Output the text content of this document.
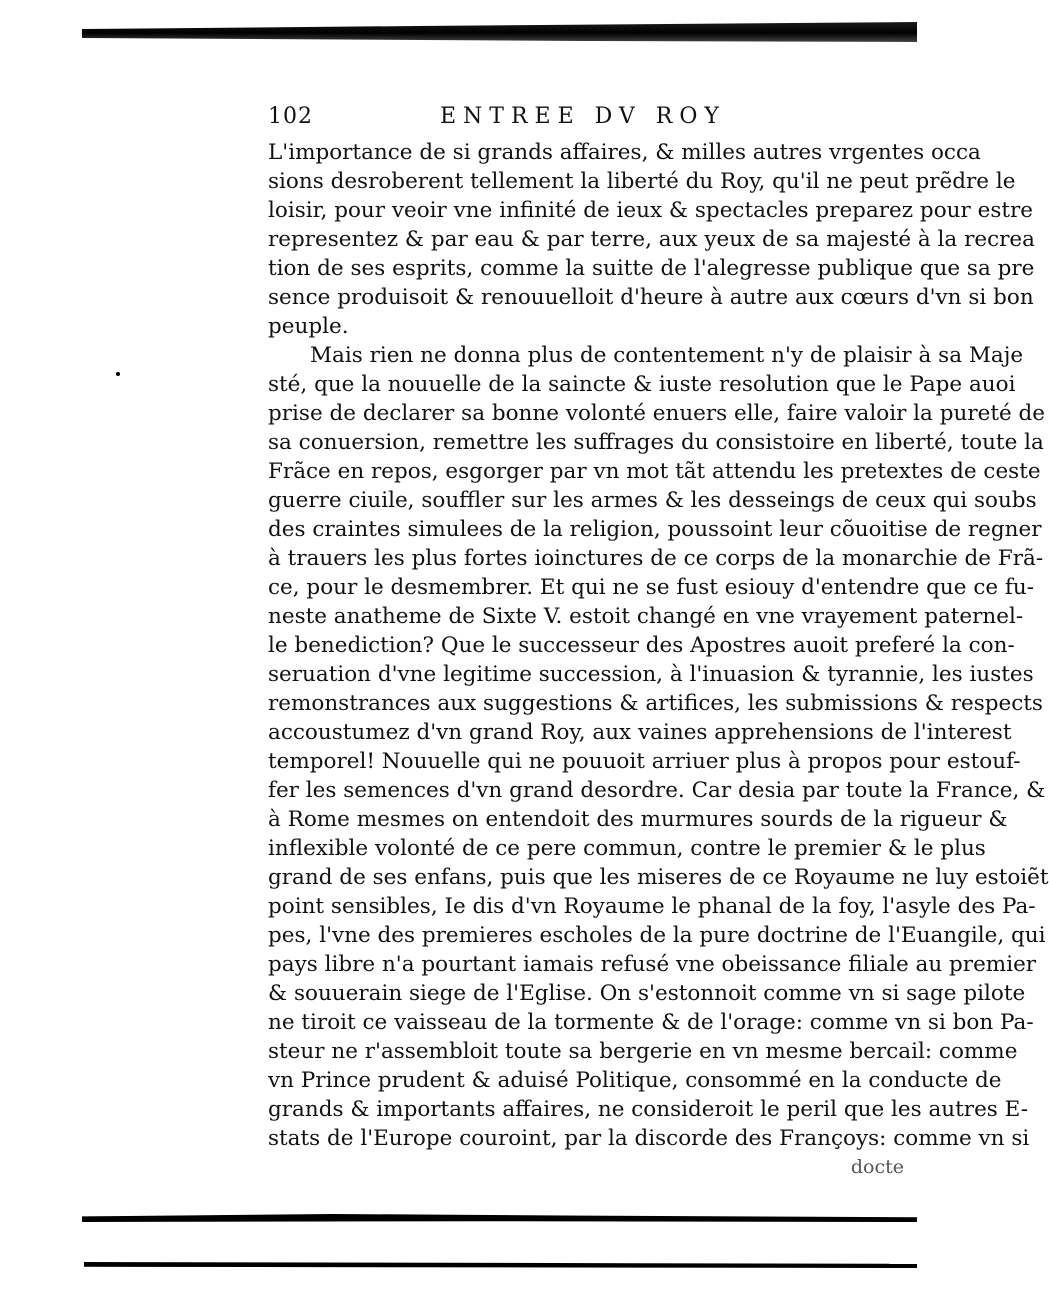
102	ENTREE DV ROY
L'importance de si grands affaires, & milles autres vrgentes occa
sions desroberent tellement la liberté du Roy, qu'il ne peut prẽdre le
loisir, pour veoir vne infinité de ieux & spectacles preparez pour estre
representez & par eau & par terre, aux yeux de sa majesté à la recrea
tion de ses esprits, comme la suitte de l'alegresse publique que sa pre
sence produisoit & renouuelloit d'heure à autre aux cœurs d'vn si bon
peuple.
Mais rien ne donna plus de contentement n'y de plaisir à sa Maje
sté, que la nouuelle de la saincte & iuste resolution que le Pape auoi
prise de declarer sa bonne volonté enuers elle, faire valoir la pureté de
sa conuersion, remettre les suffrages du consistoire en liberté, toute la
Frãce en repos, esgorger par vn mot tãt attendu les pretextes de ceste
guerre ciuile, souffler sur les armes & les desseings de ceux qui soubs
des craintes simulees de la religion, poussoint leur cõuoitise de regner
à trauers les plus fortes ioinctures de ce corps de la monarchie de Frã-
ce, pour le desmembrer. Et qui ne se fust esiouy d'entendre que ce fu-
neste anatheme de Sixte V. estoit changé en vne vrayement paternel-
le benediction? Que le successeur des Apostres auoit preferé la con-
seruation d'vne legitime succession, à l'inuasion & tyrannie, les iustes
remonstrances aux suggestions & artifices, les submissions & respects
accoustumez d'vn grand Roy, aux vaines apprehensions de l'interest
temporel! Nouuelle qui ne pouuoit arriuer plus à propos pour estouf-
fer les semences d'vn grand desordre. Car desia par toute la France, &
à Rome mesmes on entendoit des murmures sourds de la rigueur &
inflexible volonté de ce pere commun, contre le premier & le plus
grand de ses enfans, puis que les miseres de ce Royaume ne luy estoiẽt
point sensibles, Ie dis d'vn Royaume le phanal de la foy, l'asyle des Pa-
pes, l'vne des premieres escholes de la pure doctrine de l'Euangile, qui
pays libre n'a pourtant iamais refusé vne obeissance filiale au premier
& souuerain siege de l'Eglise. On s'estonnoit comme vn si sage pilote
ne tiroit ce vaisseau de la tormente & de l'orage: comme vn si bon Pa-
steur ne r'assembloit toute sa bergerie en vn mesme bercail: comme
vn Prince prudent & aduisé Politique, consommé en la conducte de
grands & importants affaires, ne consideroit le peril que les autres E-
stats de l'Europe couroint, par la discorde des Françoys: comme vn si
docte
